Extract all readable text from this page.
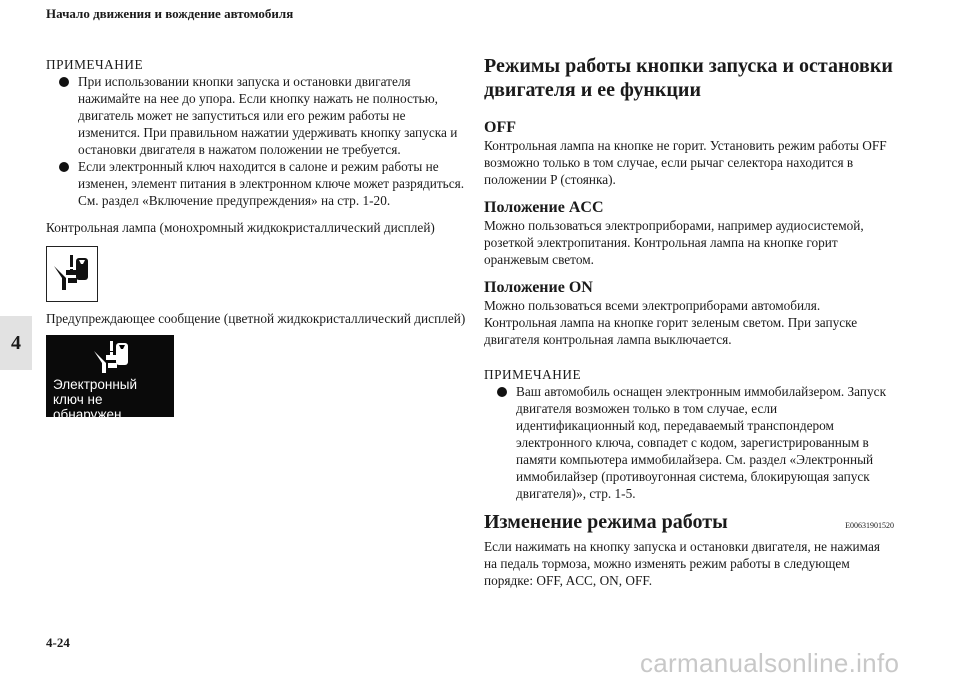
Начало движения и вождение автомобиля
4

ПРИМЕЧАНИЕ

При использовании кнопки запуска и остановки двигателя нажимайте на нее до упора. Если кнопку нажать не полностью, двигатель может не запуститься или его режим работы не изменится. При правильном нажатии удерживать кнопку запуска и остановки двигателя в нажатом положении не требуется.

Если электронный ключ находится в салоне и режим работы не изменен, элемент питания в электронном ключе может разрядиться. См. раздел «Включение предупреждения» на стр. 1-20.

Контрольная лампа (монохромный жидкокристаллический дисплей)

Предупреждающее сообщение (цветной жидкокристаллический дисплей)

Электронный
ключ не обнаружен
Режимы работы кнопки запуска и остановки двигателя и ее функции
OFF

Контрольная лампа на кнопке не горит. Установить режим работы OFF возможно только в том случае, если рычаг селектора находится в положении P (стоянка).

Положение ACC

Можно пользоваться электроприборами, например аудиосистемой, розеткой электропитания. Контрольная лампа на кнопке горит оранжевым светом.

Положение ON

Можно пользоваться всеми электроприборами автомобиля. Контрольная лампа на кнопке горит зеленым светом. При запуске двигателя контрольная лампа выключается.

ПРИМЕЧАНИЕ

Ваш автомобиль оснащен электронным иммобилайзером. Запуск двигателя возможен только в том случае, если идентификационный код, передаваемый транспондером электронного ключа, совпадет с кодом, зарегистрированным в памяти компьютера иммобилайзера. См. раздел «Электронный иммобилайзер (противоугонная система, блокирующая запуск двигателя)», стр. 1-5.

Изменение режима работы	E00631901520

Если нажимать на кнопку запуска и остановки двигателя, не нажимая на педаль тормоза, можно изменять режим работы в следующем порядке: OFF, ACC, ON, OFF.

4-24
carmanualsonline.info
